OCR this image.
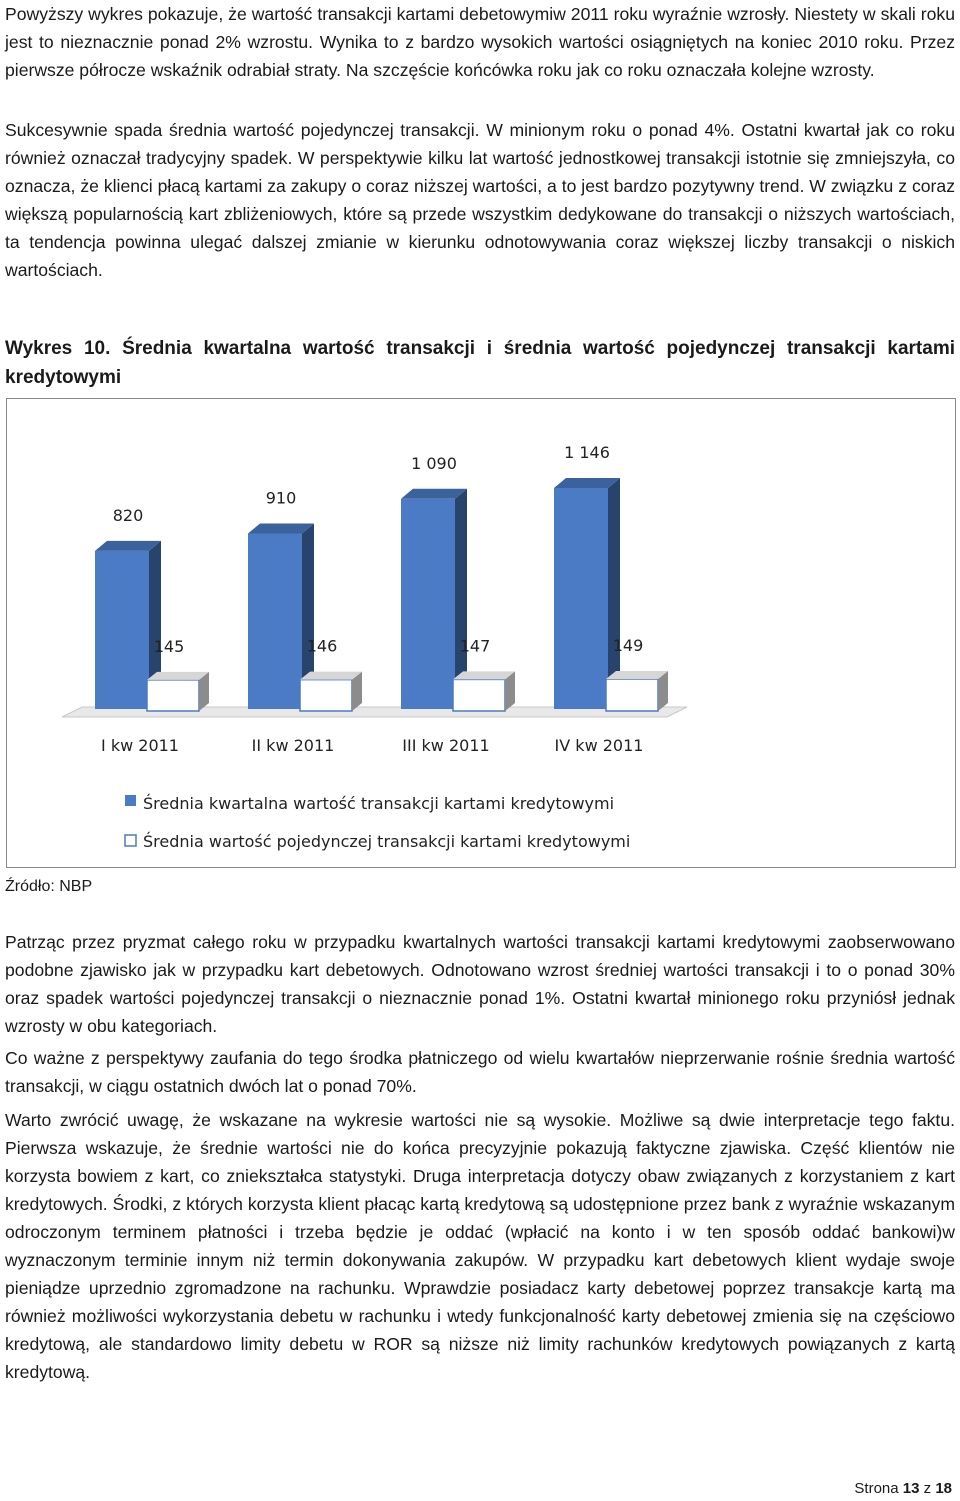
Powyższy wykres pokazuje, że wartość transakcji kartami debetowymiw 2011 roku wyraźnie wzrosły. Niestety w skali roku jest to nieznacznie ponad 2% wzrostu. Wynika to z bardzo wysokich wartości osiągniętych na koniec 2010 roku. Przez pierwsze półrocze wskaźnik odrabiał straty. Na szczęście końcówka roku jak co roku oznaczała kolejne wzrosty.

Sukcesywnie spada średnia wartość pojedynczej transakcji. W minionym roku o ponad 4%. Ostatni kwartał jak co roku również oznaczał tradycyjny spadek. W perspektywie kilku lat wartość jednostkowej transakcji istotnie się zmniejszyła, co oznacza, że klienci płacą kartami za zakupy o coraz niższej wartości, a to jest bardzo pozytywny trend. W związku z coraz większą popularnością kart zbliżeniowych, które są przede wszystkim dedykowane do transakcji o niższych wartościach, ta tendencja powinna ulegać dalszej zmianie w kierunku odnotowywania coraz większej liczby transakcji o niskich wartościach.

Wykres 10. Średnia kwartalna wartość transakcji i średnia wartość pojedynczej transakcji kartami kredytowymi

820
145
I kw 2011
910
146
II kw 2011
1 090
147
III kw 2011
1 146
149
IV kw 2011
Średnia kwartalna wartość transakcji kartami kredytowymi
Średnia wartość pojedynczej transakcji kartami kredytowymi
Źródło: NBP

Patrząc przez pryzmat całego roku w przypadku kwartalnych wartości transakcji kartami kredytowymi zaobserwowano podobne zjawisko jak w przypadku kart debetowych. Odnotowano wzrost średniej wartości transakcji i to o ponad 30% oraz spadek wartości pojedynczej transakcji o nieznacznie ponad 1%. Ostatni kwartał minionego roku przyniósł jednak wzrosty w obu kategoriach.

Co ważne z perspektywy zaufania do tego środka płatniczego od wielu kwartałów nieprzerwanie rośnie średnia wartość transakcji, w ciągu ostatnich dwóch lat o ponad 70%.

Warto zwrócić uwagę, że wskazane na wykresie wartości nie są wysokie. Możliwe są dwie interpretacje tego faktu. Pierwsza wskazuje, że średnie wartości nie do końca precyzyjnie pokazują faktyczne zjawiska. Część klientów nie korzysta bowiem z kart, co zniekształca statystyki. Druga interpretacja dotyczy obaw związanych z korzystaniem z kart kredytowych. Środki, z których korzysta klient płacąc kartą kredytową są udostępnione przez bank z wyraźnie wskazanym odroczonym terminem płatności i trzeba będzie je oddać (wpłacić na konto i w ten sposób oddać bankowi)w wyznaczonym terminie innym niż termin dokonywania zakupów. W przypadku kart debetowych klient wydaje swoje pieniądze uprzednio zgromadzone na rachunku. Wprawdzie posiadacz karty debetowej poprzez transakcje kartą ma również możliwości wykorzystania debetu w rachunku i wtedy funkcjonalność karty debetowej zmienia się na częściowo kredytową, ale standardowo limity debetu w ROR są niższe niż limity rachunków kredytowych powiązanych z kartą kredytową.

Strona 13 z 18
